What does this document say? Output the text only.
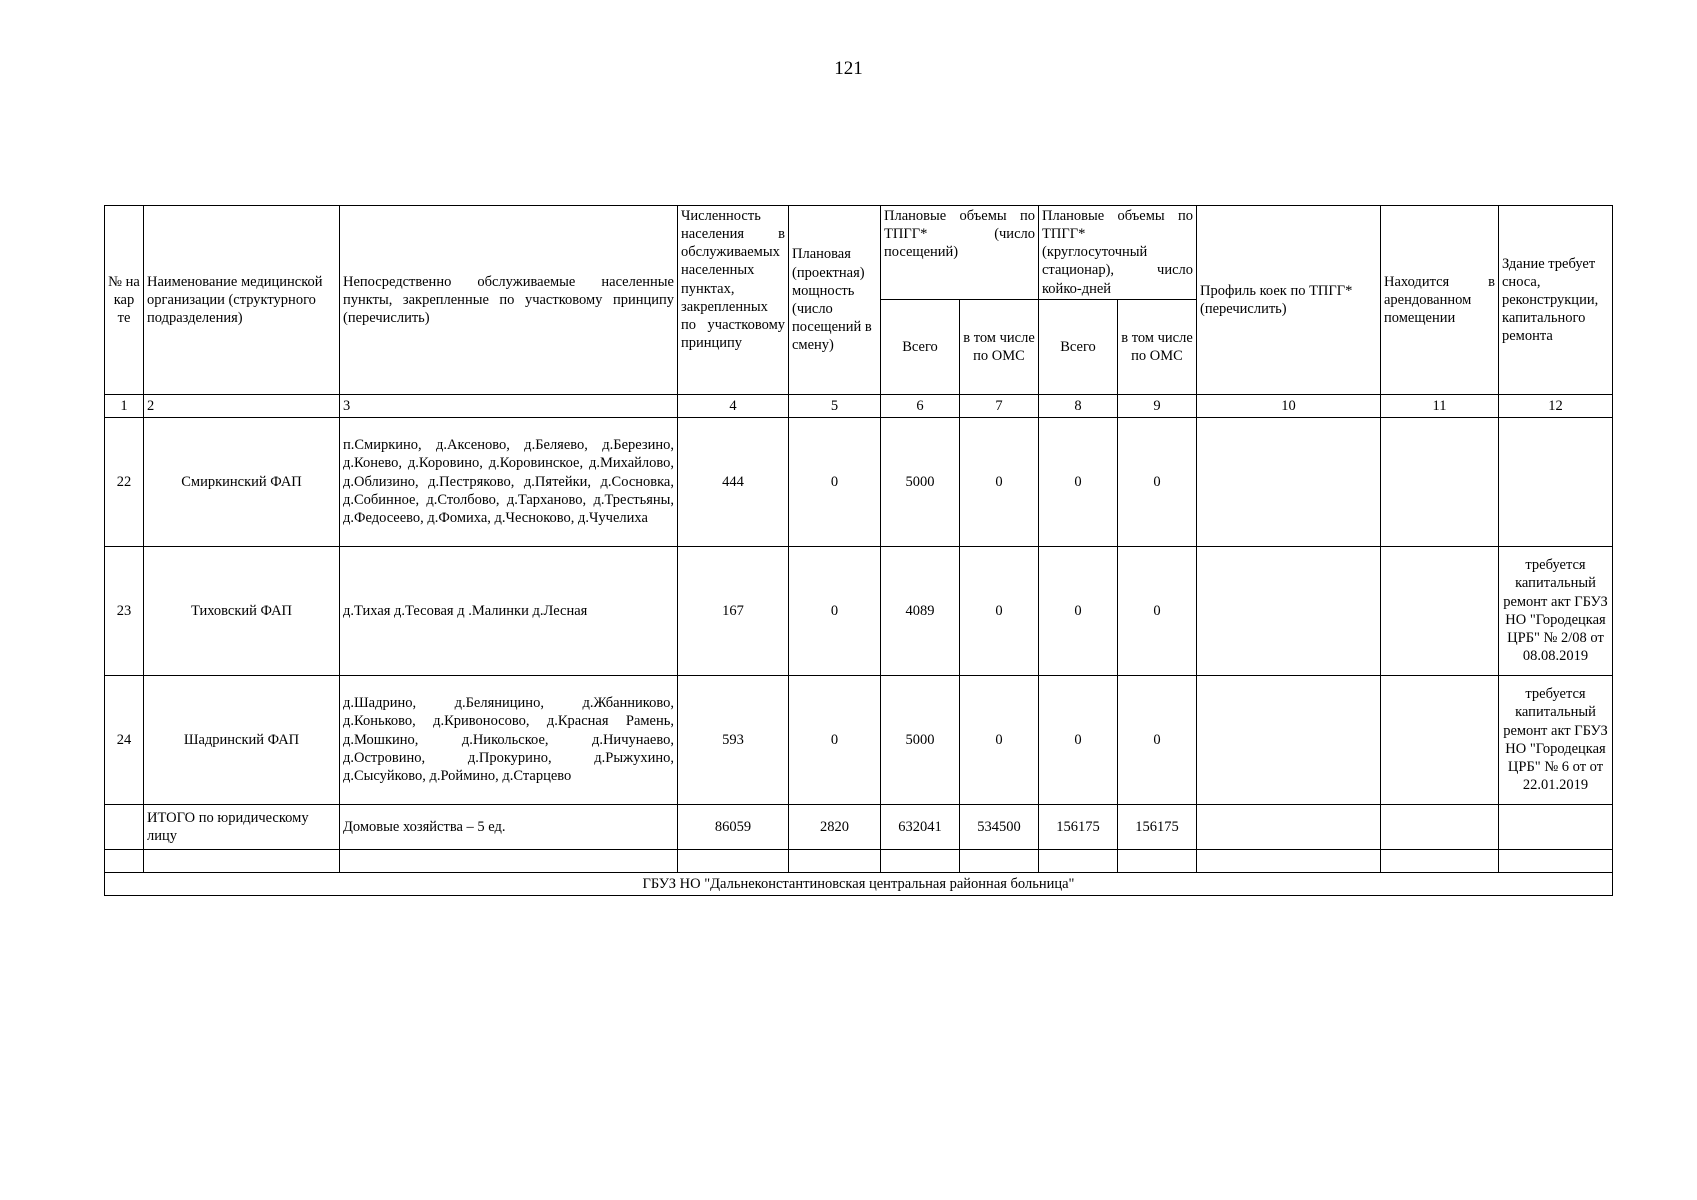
121
№ на кар те	Наименование медицинской организации (структурного подразделения)	Непосредственно обслуживаемые населенные пункты, закрепленные по участковому принципу (перечислить)	Численность населения в обслуживаемых населенных пунктах, закрепленных по участковому принципу	Плановая (проектная) мощность (число посещений в смену)	Плановые объемы по ТПГГ* (число посещений)		Плановые объемы по ТПГГ* (круглосуточный стационар), число койко-дней		Профиль коек по ТПГГ* (перечислить)	Находится в арендованном помещении	Здание требует сноса, реконструкции, капитального ремонта
					Всего	в том числе по ОМС	Всего	в том числе по ОМС			
1	2	3	4	5	6	7	8	9	10	11	12
22	Смиркинский ФАП	п.Смиркино, д.Аксеново, д.Беляево, д.Березино, д.Конево, д.Коровино, д.Коровинское, д.Михайлово, д.Облизино, д.Пестряково, д.Пятейки, д.Сосновка, д.Собинное, д.Столбово, д.Тарханово, д.Трестьяны, д.Федосеево, д.Фомиха, д.Чесноково, д.Чучелиха	444	0	5000	0	0	0			
23	Тиховский ФАП	д.Тихая д.Тесовая д .Малинки д.Лесная	167	0	4089	0	0	0			требуется капитальный ремонт акт ГБУЗ НО "Городецкая ЦРБ" № 2/08 от 08.08.2019
24	Шадринский ФАП	д.Шадрино, д.Беляницино, д.Жбанниково, д.Коньково, д.Кривоносово, д.Красная Рамень, д.Мошкино, д.Никольское, д.Ничунаево, д.Островино, д.Прокурино, д.Рыжухино, д.Сысуйково, д.Роймино, д.Старцево	593	0	5000	0	0	0			требуется капитальный ремонт акт ГБУЗ НО "Городецкая ЦРБ" № 6 от от 22.01.2019
	ИТОГО по юридическому лицу	Домовые хозяйства – 5 ед.	86059	2820	632041	534500	156175	156175			

ГБУЗ НО "Дальнеконстантиновская центральная районная больница"											
